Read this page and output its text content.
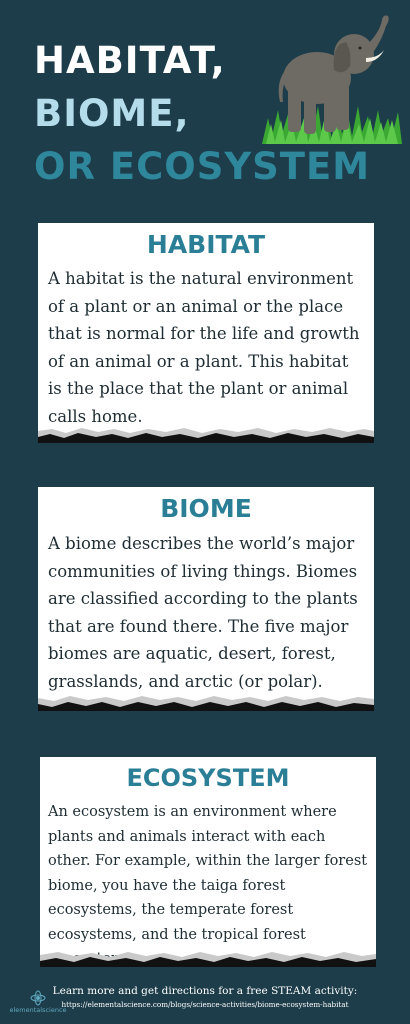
HABITAT,
BIOME,
OR ECOSYSTEM
HABITAT

A habitat is the natural environment of a plant or an animal or the place that is normal for the life and growth of an animal or a plant. This habitat is the place that the plant or animal calls home.

BIOME

A biome describes the world’s major communities of living things. Biomes are classified according to the plants that are found there. The five major biomes are aquatic, desert, forest, grasslands, and arctic (or polar).

ECOSYSTEM

An ecosystem is an environment where plants and animals interact with each other. For example, within the larger forest biome, you have the taiga forest ecosystems, the temperate forest ecosystems, and the tropical forest

elementalscience
Learn more and get directions for a free STEAM activity:
https://elementalscience.com/blogs/science-activities/biome-ecosystem-habitat
